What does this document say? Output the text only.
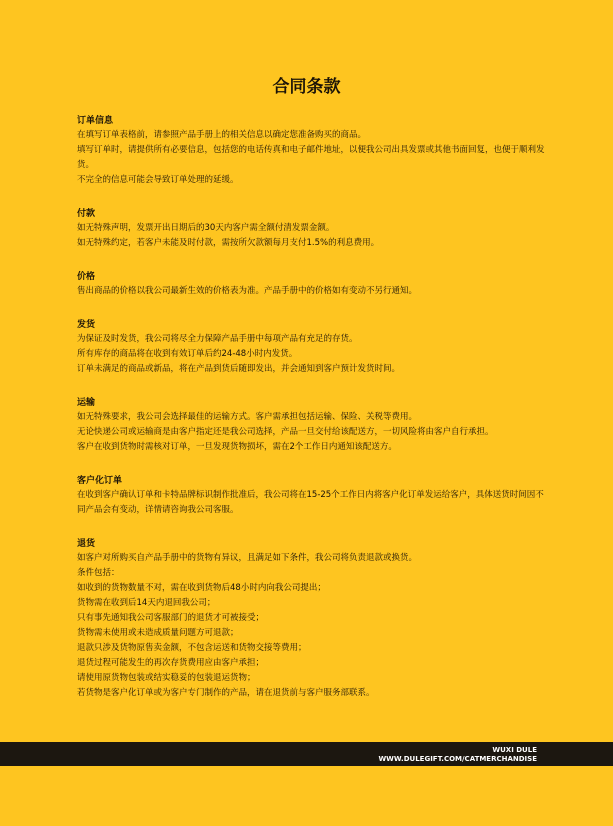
合同条款
订单信息
在填写订单表格前，请参照产品手册上的相关信息以确定您准备购买的商品。
填写订单时，请提供所有必要信息，包括您的电话传真和电子邮件地址，以便我公司出具发票或其他书面回复，也便于顺利发货。
不完全的信息可能会导致订单处理的延缓。
付款
如无特殊声明，发票开出日期后的30天内客户需全额付清发票金额。
如无特殊约定，若客户未能及时付款，需按所欠款额每月支付1.5%的利息费用。
价格
售出商品的价格以我公司最新生效的价格表为准。产品手册中的价格如有变动不另行通知。
发货
为保证及时发货，我公司将尽全力保障产品手册中每项产品有充足的存货。
所有库存的商品将在收到有效订单后约24-48小时内发货。
订单未满足的商品或新品，将在产品到货后随即发出，并会通知到客户预计发货时间。
运输
如无特殊要求，我公司会选择最佳的运输方式。客户需承担包括运输、保险、关税等费用。
无论快递公司或运输商是由客户指定还是我公司选择，产品一旦交付给该配送方，一切风险将由客户自行承担。
客户在收到货物时需核对订单，一旦发现货物损坏，需在2个工作日内通知该配送方。
客户化订单
在收到客户确认订单和卡特品牌标识制作批准后，我公司将在15-25个工作日内将客户化订单发运给客户，具体送货时间因不同产品会有变动，详情请咨询我公司客服。
退货
如客户对所购买自产品手册中的货物有异议，且满足如下条件，我公司将负责退款或换货。
条件包括：
如收到的货物数量不对，需在收到货物后48小时内向我公司提出；
货物需在收到后14天内退回我公司；
只有事先通知我公司客服部门的退货才可被接受；
货物需未使用或未造成质量问题方可退款；
退款只涉及货物原售卖金额，不包含运送和货物交接等费用；
退货过程可能发生的再次存货费用应由客户承担；
请使用原货物包装或结实稳妥的包装退运货物；
若货物是客户化订单或为客户专门制作的产品，请在退货前与客户服务部联系。
WUXI DULE
WWW.DULEGIFT.COM/CATMERCHANDISE
